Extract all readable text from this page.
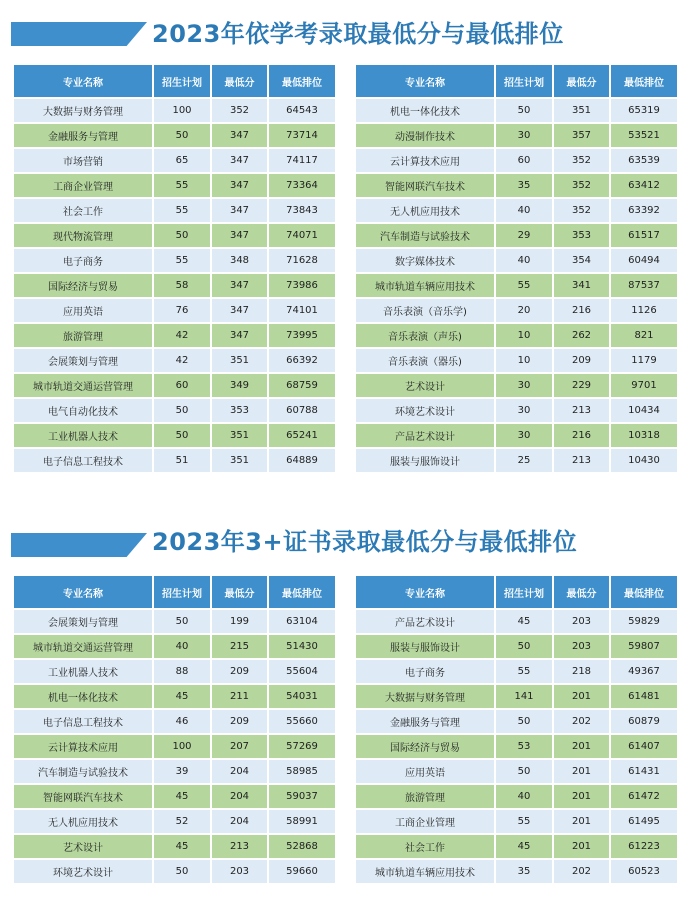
2023年依学考录取最低分与最低排位
专业名称	招生计划	最低分	最低排位
大数据与财务管理	100	352	64543
金融服务与管理	50	347	73714
市场营销	65	347	74117
工商企业管理	55	347	73364
社会工作	55	347	73843
现代物流管理	50	347	74071
电子商务	55	348	71628
国际经济与贸易	58	347	73986
应用英语	76	347	74101
旅游管理	42	347	73995
会展策划与管理	42	351	66392
城市轨道交通运营管理	60	349	68759
电气自动化技术	50	353	60788
工业机器人技术	50	351	65241
电子信息工程技术	51	351	64889
专业名称	招生计划	最低分	最低排位
机电一体化技术	50	351	65319
动漫制作技术	30	357	53521
云计算技术应用	60	352	63539
智能网联汽车技术	35	352	63412
无人机应用技术	40	352	63392
汽车制造与试验技术	29	353	61517
数字媒体技术	40	354	60494
城市轨道车辆应用技术	55	341	87537
音乐表演（音乐学)	20	216	1126
音乐表演（声乐)	10	262	821
音乐表演（器乐)	10	209	1179
艺术设计	30	229	9701
环境艺术设计	30	213	10434
产品艺术设计	30	216	10318
服装与服饰设计	25	213	10430
2023年3+证书录取最低分与最低排位
专业名称	招生计划	最低分	最低排位
会展策划与管理	50	199	63104
城市轨道交通运营管理	40	215	51430
工业机器人技术	88	209	55604
机电一体化技术	45	211	54031
电子信息工程技术	46	209	55660
云计算技术应用	100	207	57269
汽车制造与试验技术	39	204	58985
智能网联汽车技术	45	204	59037
无人机应用技术	52	204	58991
艺术设计	45	213	52868
环境艺术设计	50	203	59660
专业名称	招生计划	最低分	最低排位
产品艺术设计	45	203	59829
服装与服饰设计	50	203	59807
电子商务	55	218	49367
大数据与财务管理	141	201	61481
金融服务与管理	50	202	60879
国际经济与贸易	53	201	61407
应用英语	50	201	61431
旅游管理	40	201	61472
工商企业管理	55	201	61495
社会工作	45	201	61223
城市轨道车辆应用技术	35	202	60523
